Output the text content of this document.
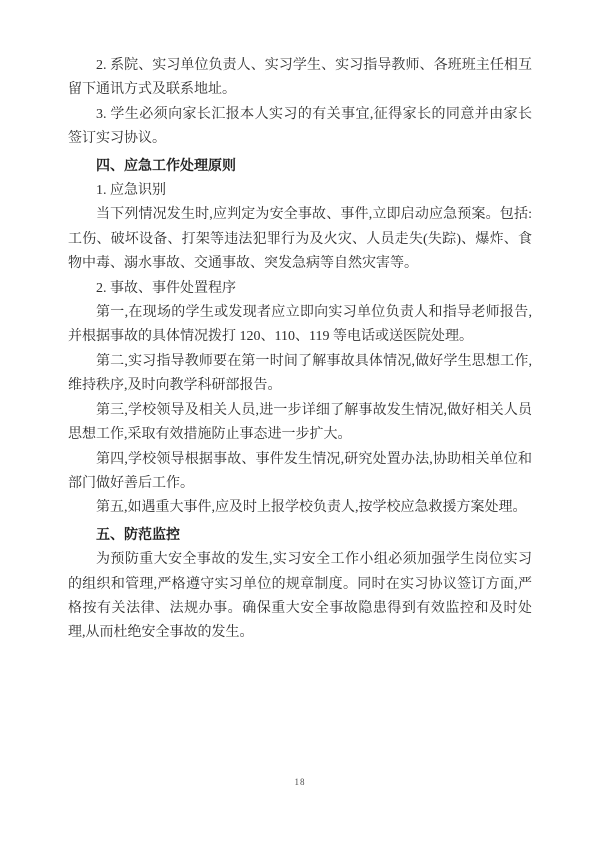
2. 系院、实习单位负责人、实习学生、实习指导教师、各班班主任相互留下通讯方式及联系地址。

3. 学生必须向家长汇报本人实习的有关事宜,征得家长的同意并由家长签订实习协议。

四、应急工作处理原则

1. 应急识别

当下列情况发生时,应判定为安全事故、事件,立即启动应急预案。包括:工伤、破坏设备、打架等违法犯罪行为及火灾、人员走失(失踪)、爆炸、食物中毒、溺水事故、交通事故、突发急病等自然灾害等。

2. 事故、事件处置程序

第一,在现场的学生或发现者应立即向实习单位负责人和指导老师报告,并根据事故的具体情况拨打 120、110、119 等电话或送医院处理。

第二,实习指导教师要在第一时间了解事故具体情况,做好学生思想工作,维持秩序,及时向教学科研部报告。

第三,学校领导及相关人员,进一步详细了解事故发生情况,做好相关人员思想工作,采取有效措施防止事态进一步扩大。

第四,学校领导根据事故、事件发生情况,研究处置办法,协助相关单位和部门做好善后工作。

第五,如遇重大事件,应及时上报学校负责人,按学校应急救援方案处理。

五、防范监控

为预防重大安全事故的发生,实习安全工作小组必须加强学生岗位实习的组织和管理,严格遵守实习单位的规章制度。同时在实习协议签订方面,严格按有关法律、法规办事。确保重大安全事故隐患得到有效监控和及时处理,从而杜绝安全事故的发生。

18
